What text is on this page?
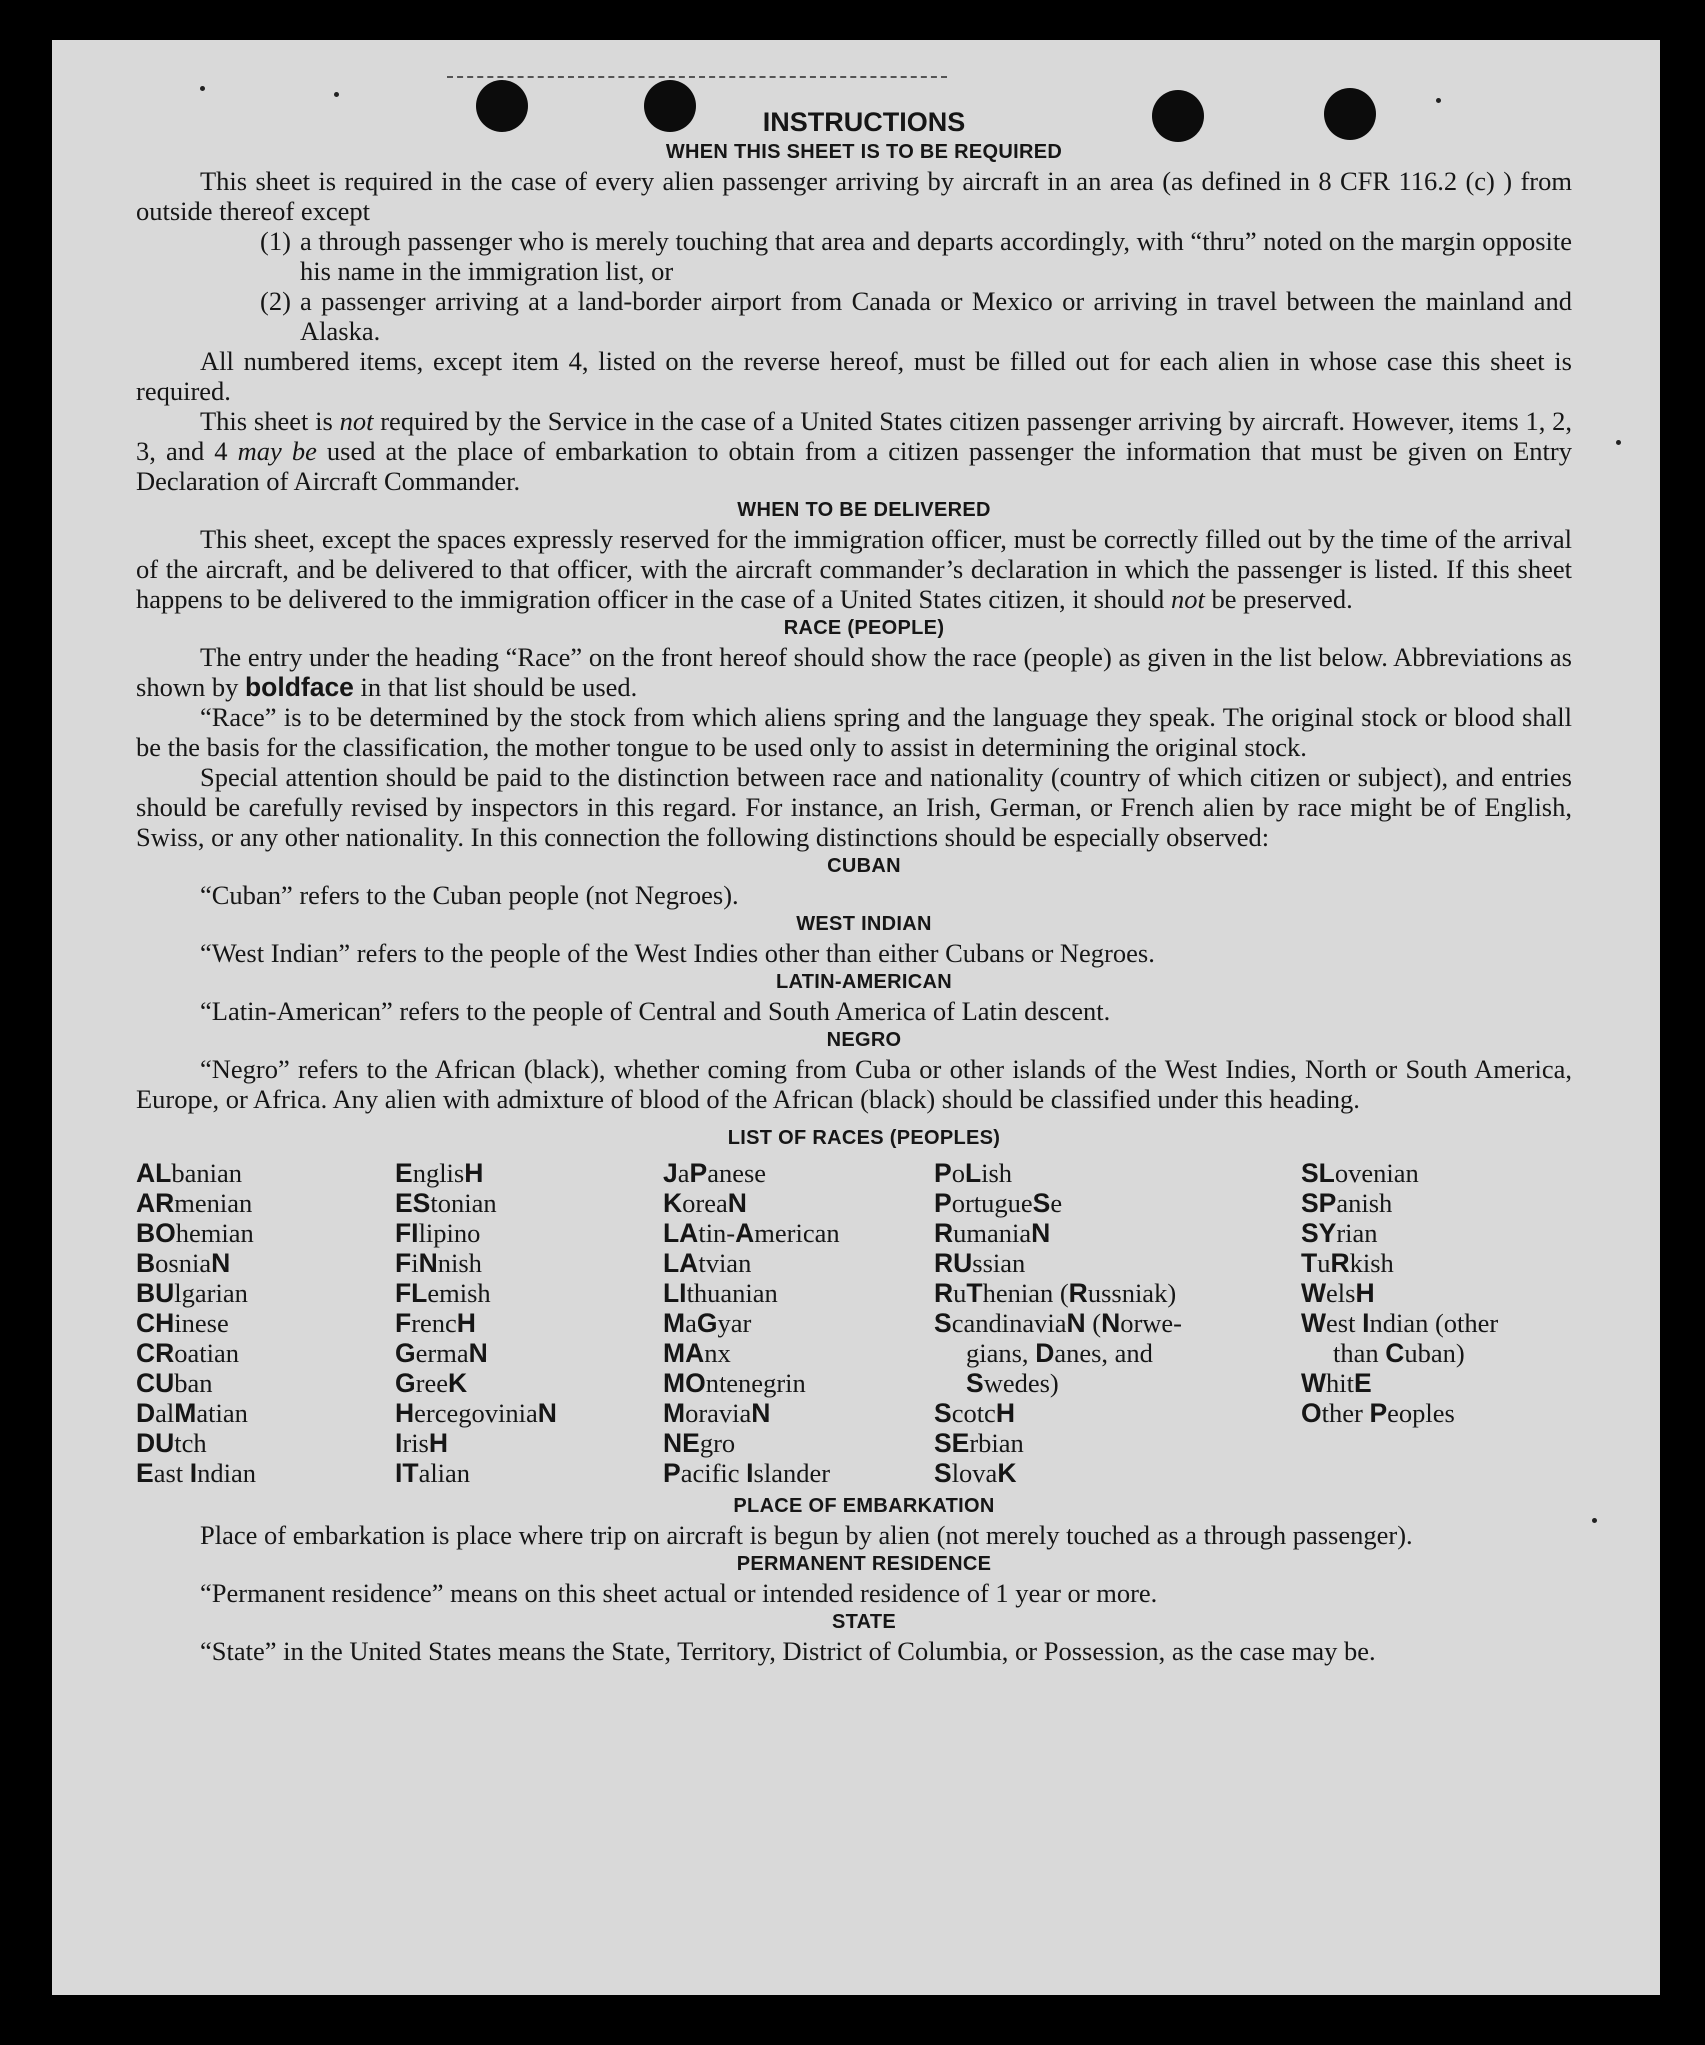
INSTRUCTIONS
WHEN THIS SHEET IS TO BE REQUIRED

This sheet is required in the case of every alien passenger arriving by aircraft in an area (as defined in 8 CFR 116.2 (c) ) from outside thereof except

(1) a through passenger who is merely touching that area and departs accordingly, with “thru” noted on the margin opposite his name in the immigration list, or
(2) a passenger arriving at a land-border airport from Canada or Mexico or arriving in travel between the mainland and Alaska.

All numbered items, except item 4, listed on the reverse hereof, must be filled out for each alien in whose case this sheet is required.

This sheet is not required by the Service in the case of a United States citizen passenger arriving by aircraft. However, items 1, 2, 3, and 4 may be used at the place of embarkation to obtain from a citizen passenger the information that must be given on Entry Declaration of Aircraft Commander.

WHEN TO BE DELIVERED

This sheet, except the spaces expressly reserved for the immigration officer, must be correctly filled out by the time of the arrival of the aircraft, and be delivered to that officer, with the aircraft commander’s declaration in which the passenger is listed. If this sheet happens to be delivered to the immigration officer in the case of a United States citizen, it should not be preserved.

RACE (PEOPLE)

The entry under the heading “Race” on the front hereof should show the race (people) as given in the list below. Abbreviations as shown by boldface in that list should be used.

“Race” is to be determined by the stock from which aliens spring and the language they speak. The original stock or blood shall be the basis for the classification, the mother tongue to be used only to assist in determining the original stock.

Special attention should be paid to the distinction between race and nationality (country of which citizen or subject), and entries should be carefully revised by inspectors in this regard. For instance, an Irish, German, or French alien by race might be of English, Swiss, or any other nationality. In this connection the following distinctions should be especially observed:

CUBAN

“Cuban” refers to the Cuban people (not Negroes).

WEST INDIAN

“West Indian” refers to the people of the West Indies other than either Cubans or Negroes.

LATIN-AMERICAN

“Latin-American” refers to the people of Central and South America of Latin descent.

NEGRO

“Negro” refers to the African (black), whether coming from Cuba or other islands of the West Indies, North or South America, Europe, or Africa. Any alien with admixture of blood of the African (black) should be classified under this heading.

LIST OF RACES (PEOPLES)
ALbanian
ARmenian
BOhemian
BosniaN
BUlgarian
CHinese
CRoatian
CUban
DalMatian
DUtch
East Indian
EnglisH
EStonian
FIlipino
FiNnish
FLemish
FrencH
GermaN
GreeK
HercegoviniaN
IrisH
ITalian
JaPanese
KoreaN
LAtin-American
LAtvian
LIthuanian
MaGyar
MAnx
MOntenegrin
MoraviaN
NEgro
Pacific Islander
PoLish
PortugueSe
RumaniaN
RUssian
RuThenian (Russniak)
ScandinaviaN (Norwe-
gians, Danes, and
Swedes)
ScotcH
SErbian
SlovaK
SLovenian
SPanish
SYrian
TuRkish
WelsH
West Indian (other
than Cuban)
WhitE
Other Peoples
PLACE OF EMBARKATION

Place of embarkation is place where trip on aircraft is begun by alien (not merely touched as a through passenger).

PERMANENT RESIDENCE

“Permanent residence” means on this sheet actual or intended residence of 1 year or more.

STATE

“State” in the United States means the State, Territory, District of Columbia, or Possession, as the case may be.
